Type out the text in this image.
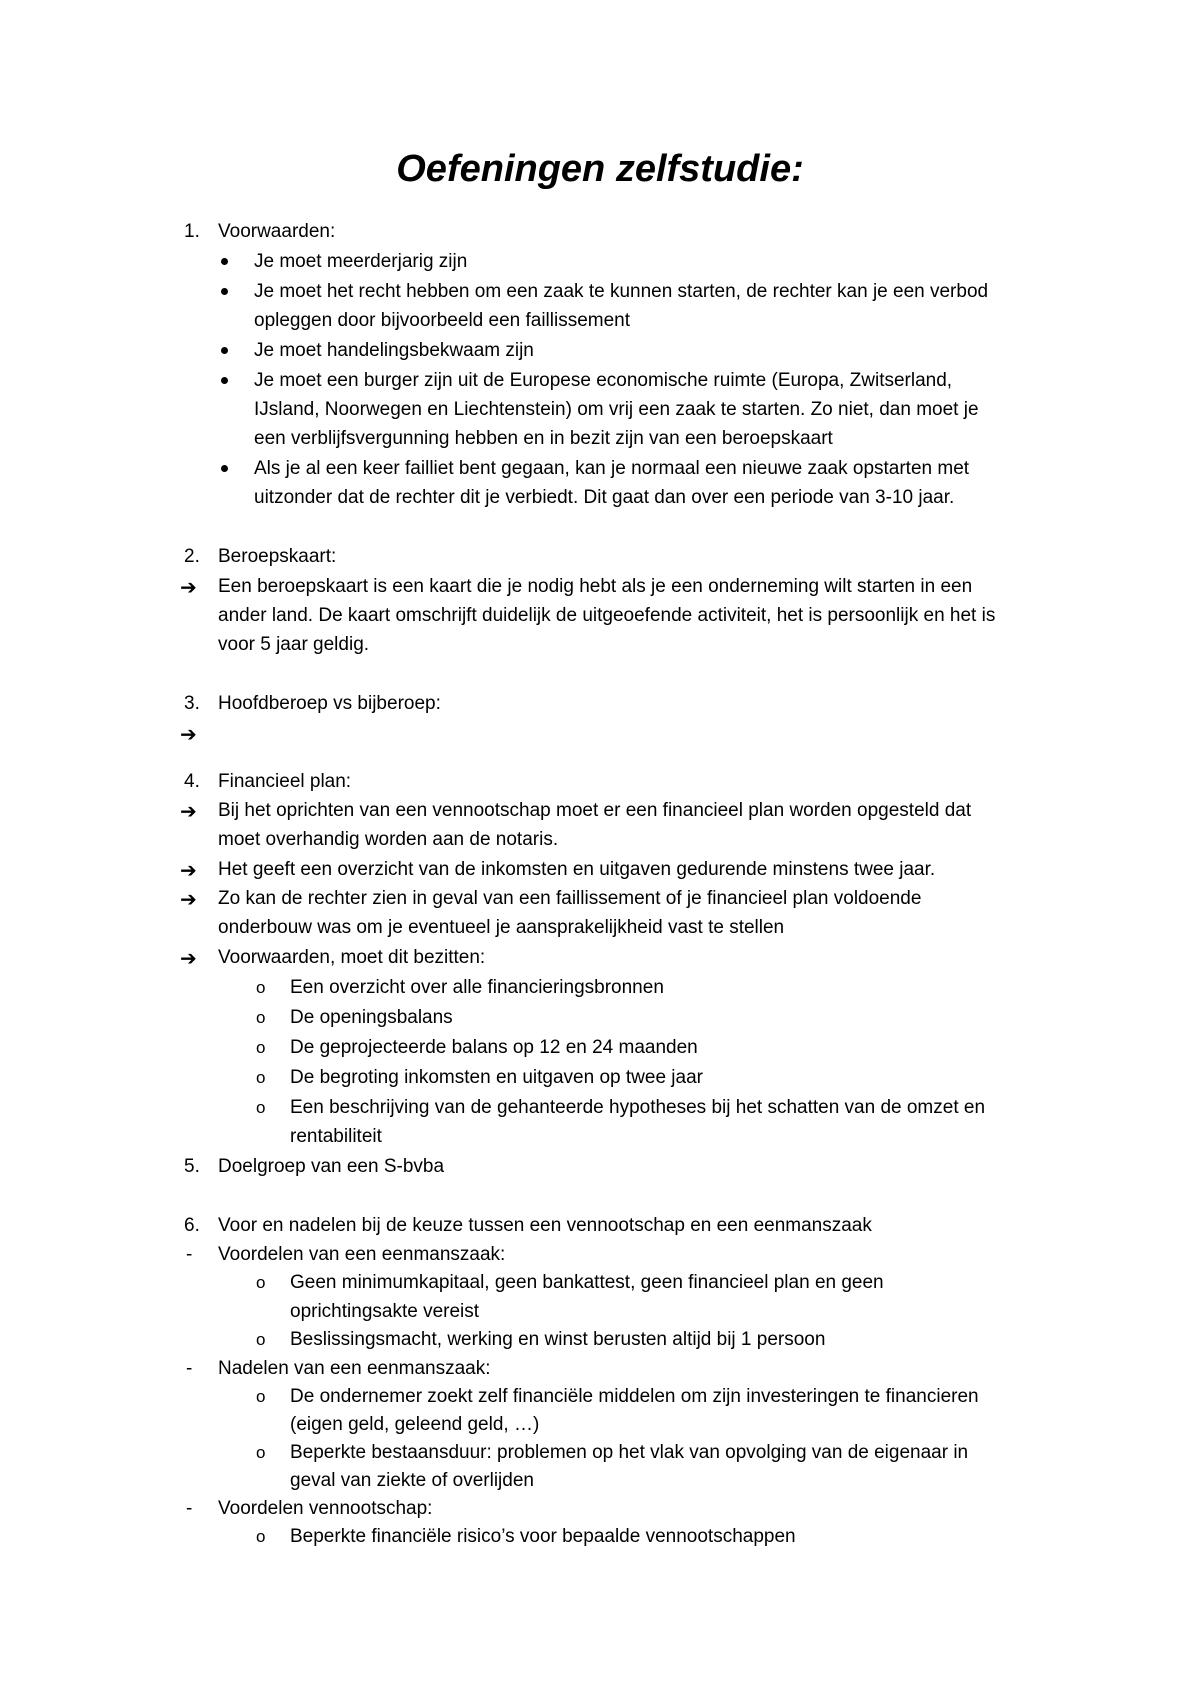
Oefeningen zelfstudie:
1. Voorwaarden:
Je moet meerderjarig zijn
Je moet het recht hebben om een zaak te kunnen starten, de rechter kan je een verbod
opleggen door bijvoorbeeld een faillissement
Je moet handelingsbekwaam zijn
Je moet een burger zijn uit de Europese economische ruimte (Europa, Zwitserland,
IJsland, Noorwegen en Liechtenstein) om vrij een zaak te starten. Zo niet, dan moet je
een verblijfsvergunning hebben en in bezit zijn van een beroepskaart
Als je al een keer failliet bent gegaan, kan je normaal een nieuwe zaak opstarten met
uitzonder dat de rechter dit je verbiedt. Dit gaat dan over een periode van 3-10 jaar.
2. Beroepskaart:
➔ Een beroepskaart is een kaart die je nodig hebt als je een onderneming wilt starten in een
ander land. De kaart omschrijft duidelijk de uitgeoefende activiteit, het is persoonlijk en het is
voor 5 jaar geldig.
3. Hoofdberoep vs bijberoep:
➔
4. Financieel plan:
➔ Bij het oprichten van een vennootschap moet er een financieel plan worden opgesteld dat
moet overhandig worden aan de notaris.
➔ Het geeft een overzicht van de inkomsten en uitgaven gedurende minstens twee jaar.
➔ Zo kan de rechter zien in geval van een faillissement of je financieel plan voldoende
onderbouw was om je eventueel je aansprakelijkheid vast te stellen
➔ Voorwaarden, moet dit bezitten:
o Een overzicht over alle financieringsbronnen
o De openingsbalans
o De geprojecteerde balans op 12 en 24 maanden
o De begroting inkomsten en uitgaven op twee jaar
o Een beschrijving van de gehanteerde hypotheses bij het schatten van de omzet en
rentabiliteit
5. Doelgroep van een S-bvba
6. Voor en nadelen bij de keuze tussen een vennootschap en een eenmanszaak
- Voordelen van een eenmanszaak:
o Geen minimumkapitaal, geen bankattest, geen financieel plan en geen
oprichtingsakte vereist
o Beslissingsmacht, werking en winst berusten altijd bij 1 persoon
- Nadelen van een eenmanszaak:
o De ondernemer zoekt zelf financiële middelen om zijn investeringen te financieren
(eigen geld, geleend geld, …)
o Beperkte bestaansduur: problemen op het vlak van opvolging van de eigenaar in
geval van ziekte of overlijden
- Voordelen vennootschap:
o Beperkte financiële risico’s voor bepaalde vennootschappen
